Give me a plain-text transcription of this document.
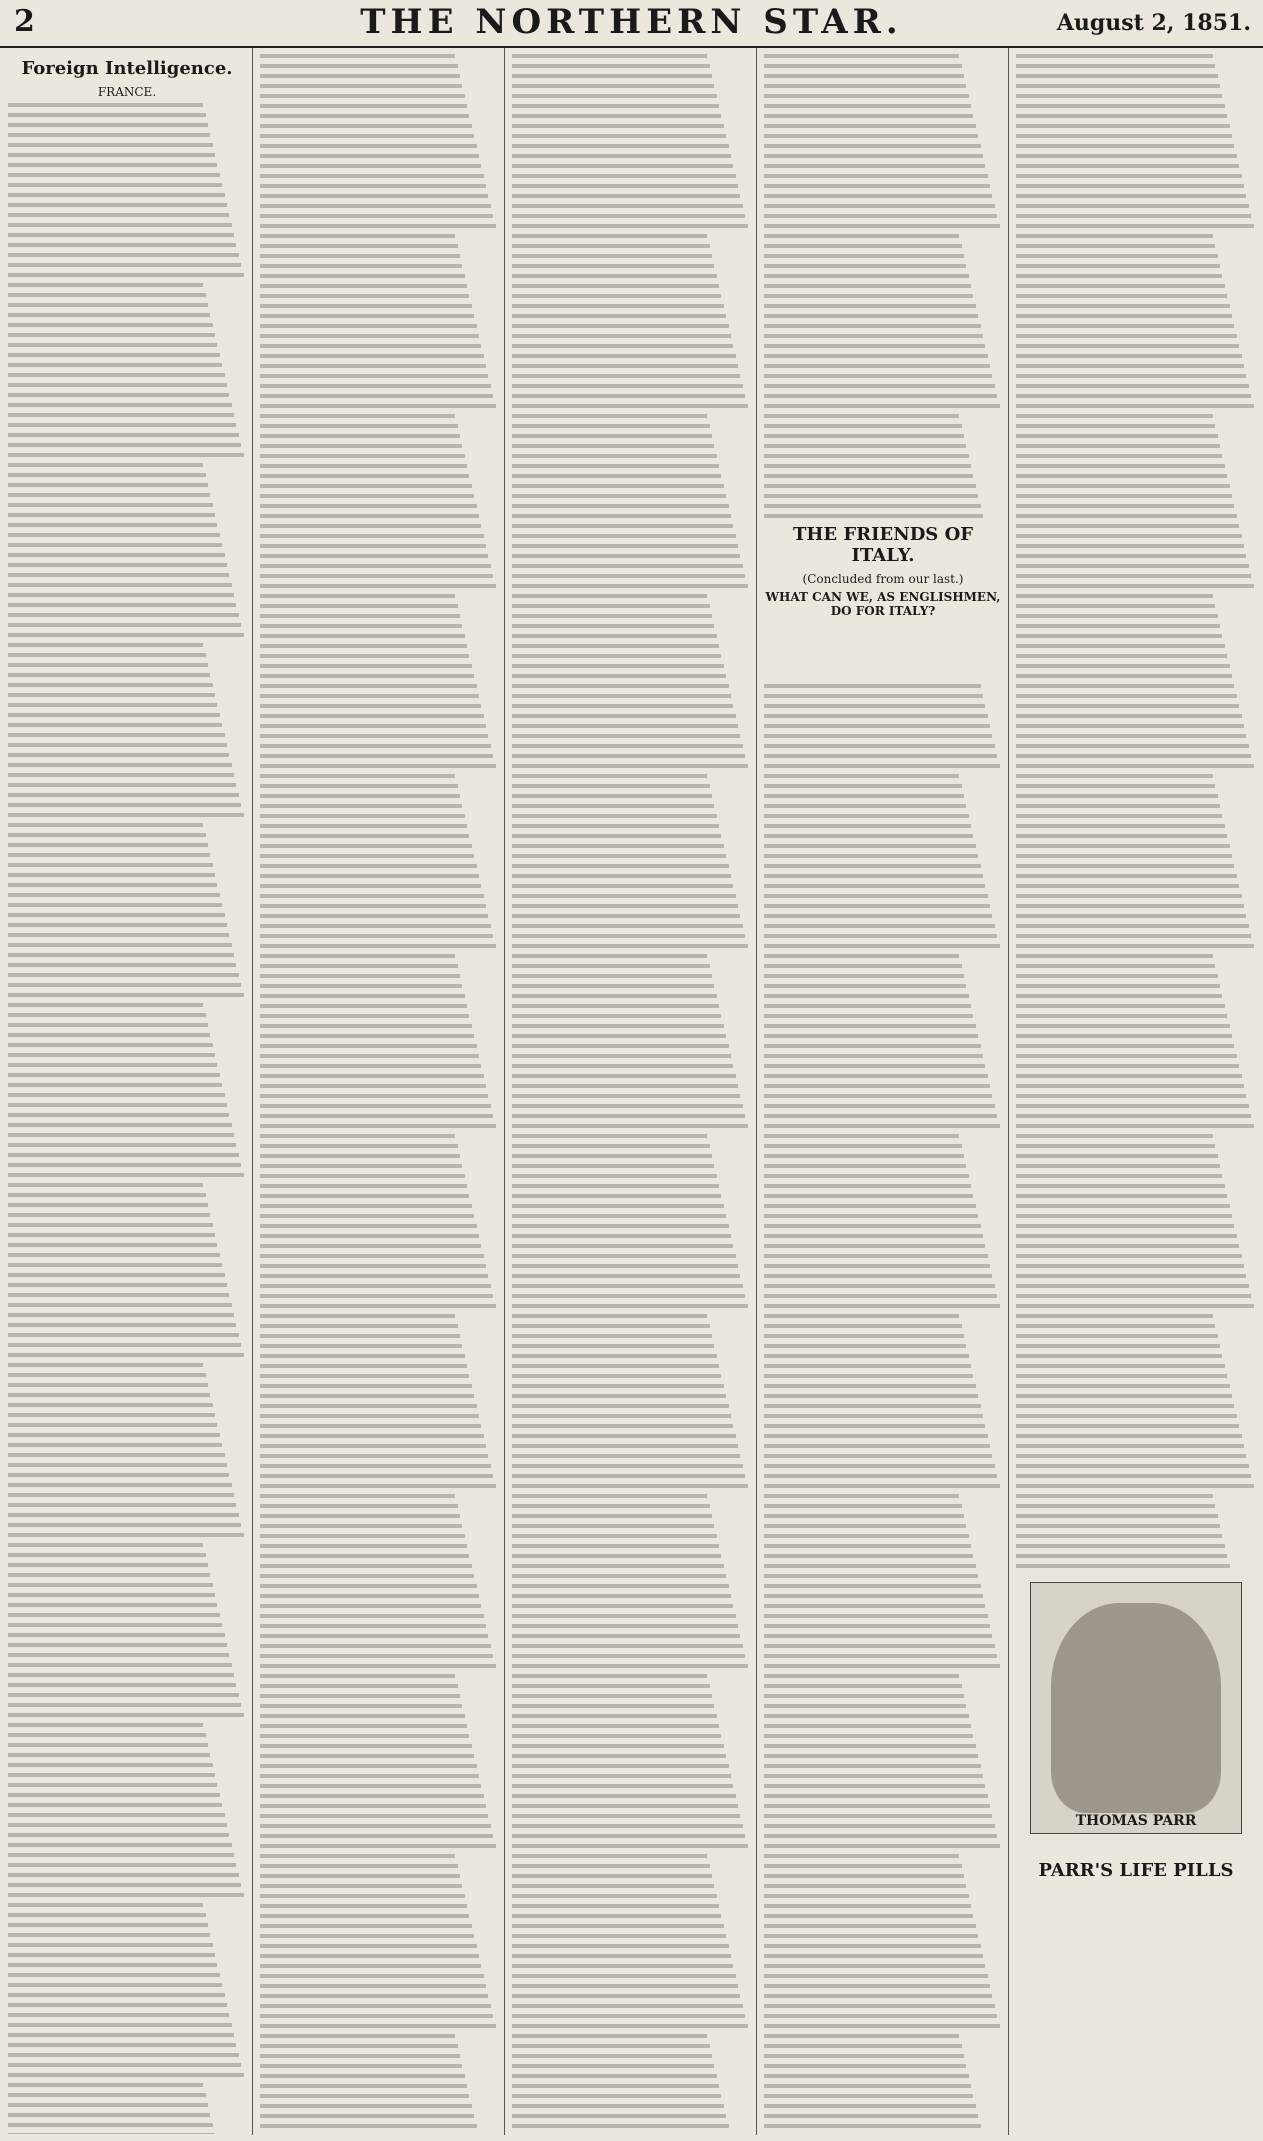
2	THE NORTHERN STAR.	August 2, 1851.
Foreign Intelligence.
FRANCE.
THE FRIENDS OF ITALY.
(Concluded from our last.)
WHAT CAN WE, AS ENGLISHMEN, DO FOR ITALY?
THOMAS PARR
PARR'S LIFE PILLS
